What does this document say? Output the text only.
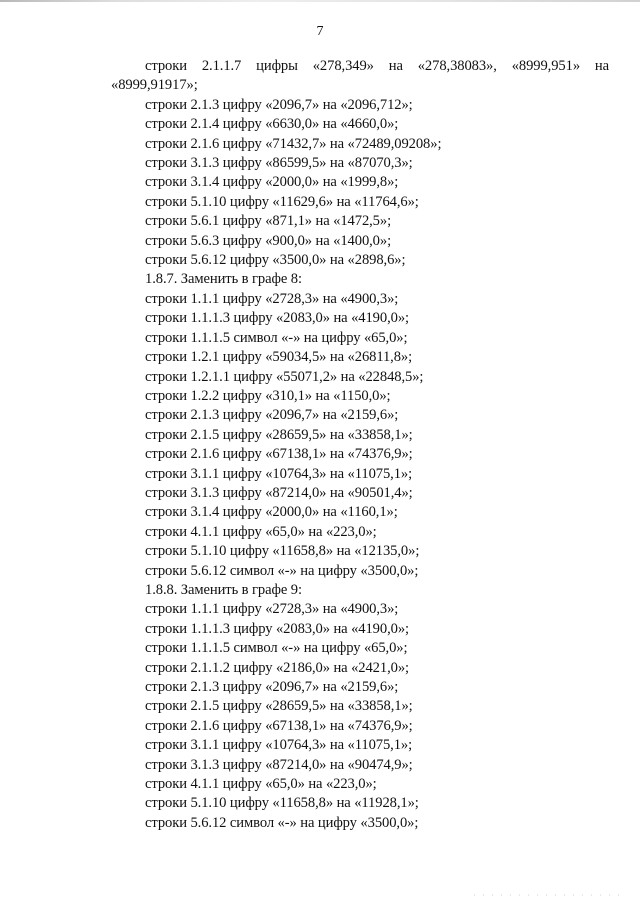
7

строки 2.1.1.7 цифры «278,349» на «278,38083», «8999,951» на «8999,91917»;

строки 2.1.3 цифру «2096,7» на «2096,712»;
строки 2.1.4 цифру «6630,0» на «4660,0»;
строки 2.1.6 цифру «71432,7» на «72489,09208»;
строки 3.1.3 цифру «86599,5» на «87070,3»;
строки 3.1.4 цифру «2000,0» на «1999,8»;
строки 5.1.10 цифру «11629,6» на «11764,6»;
строки 5.6.1 цифру «871,1» на «1472,5»;
строки 5.6.3 цифру «900,0» на «1400,0»;
строки 5.6.12 цифру «3500,0» на «2898,6»;
1.8.7. Заменить в графе 8:
строки 1.1.1 цифру «2728,3» на «4900,3»;
строки 1.1.1.3 цифру «2083,0» на «4190,0»;
строки 1.1.1.5 символ «-» на цифру «65,0»;
строки 1.2.1 цифру «59034,5» на «26811,8»;
строки 1.2.1.1 цифру «55071,2» на «22848,5»;
строки 1.2.2 цифру «310,1» на «1150,0»;
строки 2.1.3 цифру «2096,7» на «2159,6»;
строки 2.1.5 цифру «28659,5» на «33858,1»;
строки 2.1.6 цифру «67138,1» на «74376,9»;
строки 3.1.1 цифру «10764,3» на «11075,1»;
строки 3.1.3 цифру «87214,0» на «90501,4»;
строки 3.1.4 цифру «2000,0» на «1160,1»;
строки 4.1.1 цифру «65,0» на «223,0»;
строки 5.1.10 цифру «11658,8» на «12135,0»;
строки 5.6.12 символ «-» на цифру «3500,0»;
1.8.8. Заменить в графе 9:
строки 1.1.1 цифру «2728,3» на «4900,3»;
строки 1.1.1.3 цифру «2083,0» на «4190,0»;
строки 1.1.1.5 символ «-» на цифру «65,0»;
строки 2.1.1.2 цифру «2186,0» на «2421,0»;
строки 2.1.3 цифру «2096,7» на «2159,6»;
строки 2.1.5 цифру «28659,5» на «33858,1»;
строки 2.1.6 цифру «67138,1» на «74376,9»;
строки 3.1.1 цифру «10764,3» на «11075,1»;
строки 3.1.3 цифру «87214,0» на «90474,9»;
строки 4.1.1 цифру «65,0» на «223,0»;
строки 5.1.10 цифру «11658,8» на «11928,1»;
строки 5.6.12 символ «-» на цифру «3500,0»;
